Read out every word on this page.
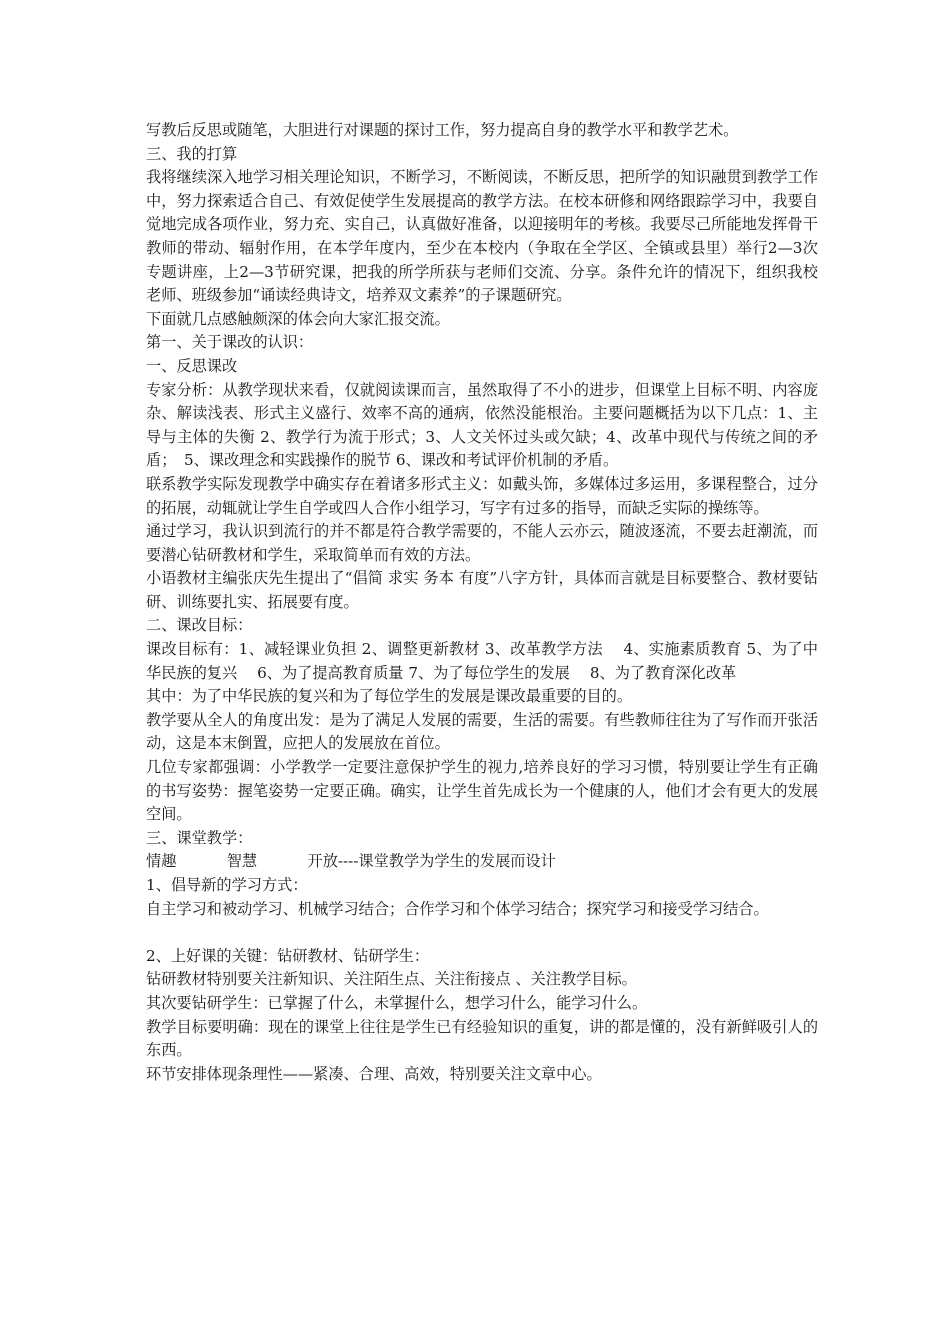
写教后反思或随笔，大胆进行对课题的探讨工作，努力提高自身的教学水平和教学艺术。

三、我的打算

我将继续深入地学习相关理论知识，不断学习，不断阅读，不断反思，把所学的知识融贯到教学工作中，努力探索适合自己、有效促使学生发展提高的教学方法。在校本研修和网络跟踪学习中，我要自觉地完成各项作业，努力充、实自己，认真做好准备，以迎接明年的考核。我要尽己所能地发挥骨干教师的带动、辐射作用，在本学年度内，至少在本校内（争取在全学区、全镇或县里）举行2—3次专题讲座，上2—3节研究课，把我的所学所获与老师们交流、分享。条件允许的情况下，组织我校老师、班级参加“诵读经典诗文，培养双文素养”的子课题研究。

下面就几点感触颇深的体会向大家汇报交流。

第一、关于课改的认识：

一、反思课改

专家分析：从教学现状来看，仅就阅读课而言，虽然取得了不小的进步，但课堂上目标不明、内容庞杂、解读浅表、形式主义盛行、效率不高的通病，依然没能根治。主要问题概括为以下几点：1、主导与主体的失衡 2、教学行为流于形式；3、人文关怀过头或欠缺；4、改革中现代与传统之间的矛盾；　5、课改理念和实践操作的脱节 6、课改和考试评价机制的矛盾。

联系教学实际发现教学中确实存在着诸多形式主义：如戴头饰，多媒体过多运用，多课程整合，过分的拓展，动辄就让学生自学或四人合作小组学习，写字有过多的指导，而缺乏实际的操练等。

通过学习，我认识到流行的并不都是符合教学需要的，不能人云亦云，随波逐流，不要去赶潮流，而要潜心钻研教材和学生，采取简单而有效的方法。

小语教材主编张庆先生提出了“倡简 求实 务本 有度”八字方针，具体而言就是目标要整合、教材要钻研、训练要扎实、拓展要有度。

二、课改目标：

课改目标有：1、减轻课业负担 2、调整更新教材 3、改革教学方法　 4、实施素质教育 5、为了中华民族的复兴　 6、为了提高教育质量 7、为了每位学生的发展　 8、为了教育深化改革

其中：为了中华民族的复兴和为了每位学生的发展是课改最重要的目的。

教学要从全人的角度出发：是为了满足人发展的需要，生活的需要。有些教师往往为了写作而开张活动，这是本末倒置，应把人的发展放在首位。

几位专家都强调：小学教学一定要注意保护学生的视力,培养良好的学习习惯，特别要让学生有正确的书写姿势：握笔姿势一定要正确。确实，让学生首先成长为一个健康的人，他们才会有更大的发展空间。

三、课堂教学：

情趣　　　 智慧　　　 开放----课堂教学为学生的发展而设计

1、倡导新的学习方式：

自主学习和被动学习、机械学习结合；合作学习和个体学习结合；探究学习和接受学习结合。

2、上好课的关键：钻研教材、钻研学生：

钻研教材特别要关注新知识、关注陌生点、关注衔接点 、关注教学目标。

其次要钻研学生：已掌握了什么，未掌握什么，想学习什么，能学习什么。

教学目标要明确：现在的课堂上往往是学生已有经验知识的重复，讲的都是懂的，没有新鲜吸引人的东西。

环节安排体现条理性——紧凑、合理、高效，特别要关注文章中心。
